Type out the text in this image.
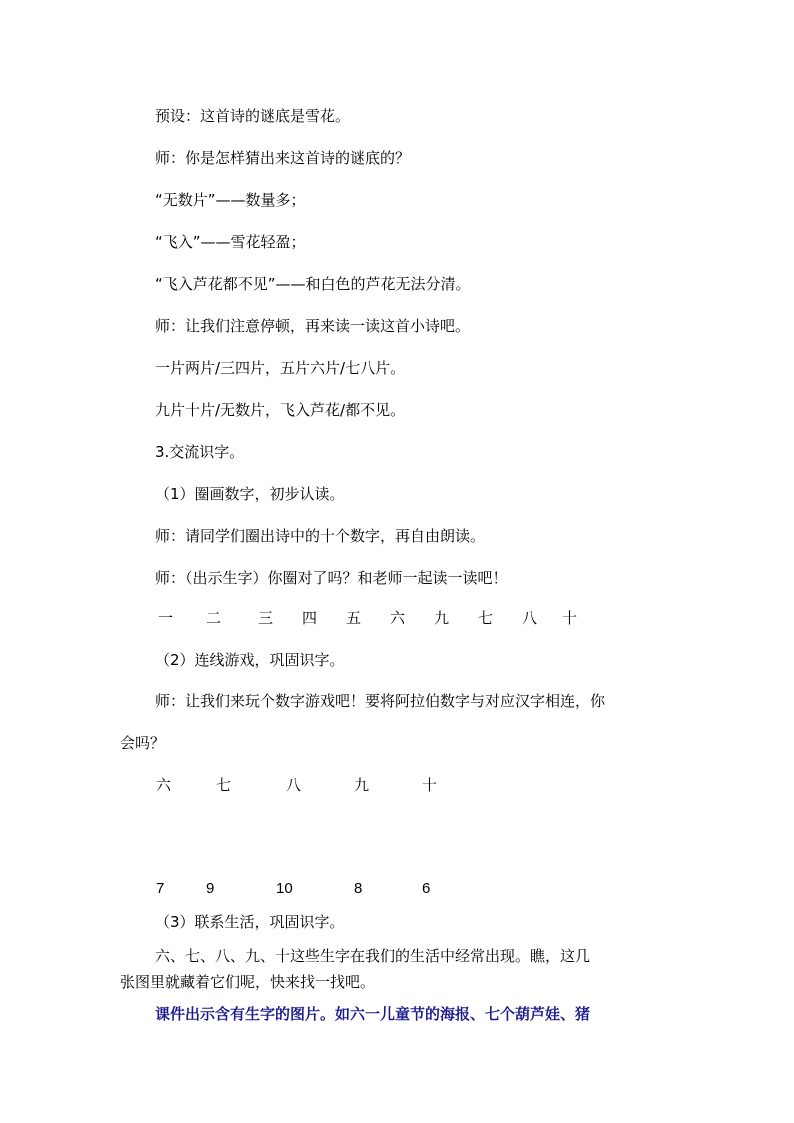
预设：这首诗的谜底是雪花。
师：你是怎样猜出来这首诗的谜底的？
“无数片”——数量多；
“飞入”——雪花轻盈；
“飞入芦花都不见”——和白色的芦花无法分清。
师：让我们注意停顿，再来读一读这首小诗吧。
一片两片/三四片，五片六片/七八片。
九片十片/无数片，飞入芦花/都不见。
3.交流识字。
（1）圈画数字，初步认读。
师：请同学们圈出诗中的十个数字，再自由朗读。
师：（出示生字）你圈对了吗？和老师一起读一读吧！
一 二 三 四 五 六 九 七 八 十
（2）连线游戏，巩固识字。
师：让我们来玩个数字游戏吧！要将阿拉伯数字与对应汉字相连，你
会吗？
六	七	八	九	十
7	9	10	8	6
（3）联系生活，巩固识字。
六、七、八、九、十这些生字在我们的生活中经常出现。瞧，这几
张图里就藏着它们呢，快来找一找吧。
课件出示含有生字的图片。如六一儿童节的海报、七个葫芦娃、猪
